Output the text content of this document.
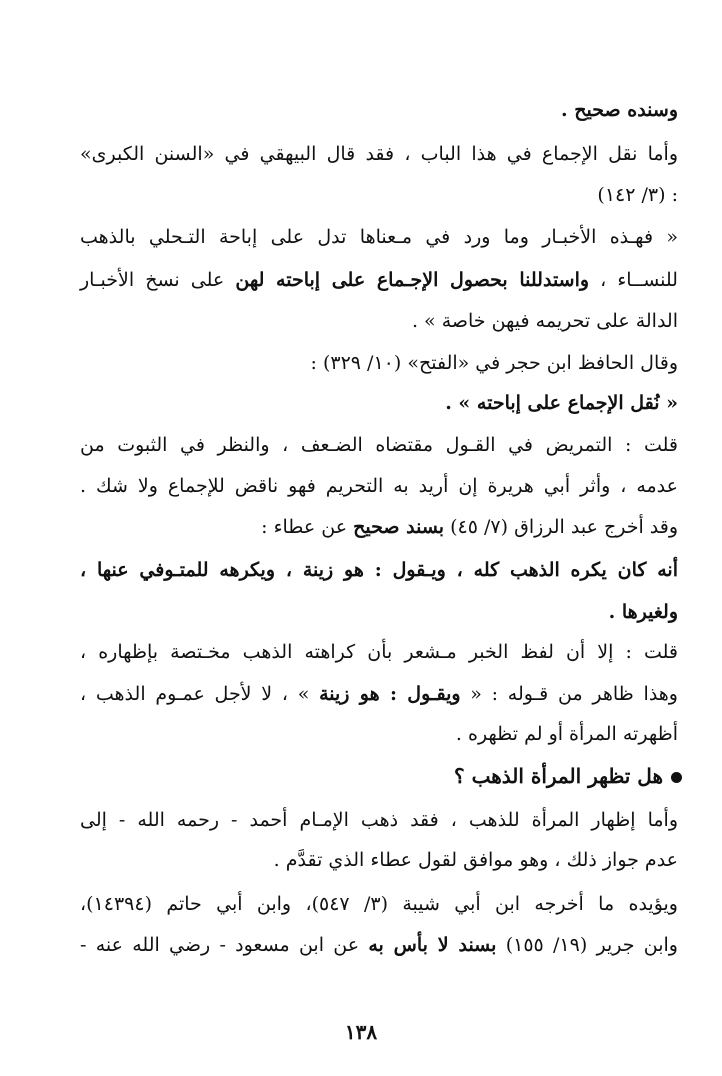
وسنده صحيح .
وأما نقل الإجماع في هذا الباب ، فقد قال البيهقي في «السنن الكبرى»
(٣/ ١٤٢) :
« فهـذه الأخبـار وما ورد في مـعناها تدل على إباحة التـحلي بالذهب
للنســاء ، واستدللنا بحصول الإجـماع على إباحته لهن على نسخ الأخبـار
الدالة على تحريمه فيهن خاصة » .
وقال الحافظ ابن حجر في «الفتح» (١٠/ ٣٢٩) :
« نُقل الإجماع على إباحته » .
قلت : التمريض في القـول مقتضاه الضـعف ، والنظر في الثبوت من
عدمه ، وأثر أبي هريرة إن أريد به التحريم فهو ناقض للإجماع ولا شك .
وقد أخرج عبد الرزاق (٧/ ٤٥) بسند صحيح عن عطاء :
أنه كان يكره الذهب كله ، ويـقول : هو زينة ، ويكرهه للمتـوفي عنها ،
ولغيرها .
قلت : إلا أن لفظ الخبر مـشعر بأن كراهته الذهب مخـتصة بإظهاره ،
وهذا ظاهر من قـوله : « ويقـول : هو زينة » ، لا لأجل عمـوم الذهب ،
أظهرته المرأة أو لم تظهره .
هل تظهر المرأة الذهب ؟
وأما إظهار المرأة للذهب ، فقد ذهب الإمـام أحمد - رحمه الله - إلى
عدم جواز ذلك ، وهو موافق لقول عطاء الذي تقدَّم .
ويؤيده ما أخرجه ابن أبي شيبة (٣/ ٥٤٧)، وابن أبي حاتم (١٤٣٩٤)،
وابن جرير (١٩/ ١٥٥) بسند لا بأس به عن ابن مسعود - رضي الله عنه -
١٣٨
